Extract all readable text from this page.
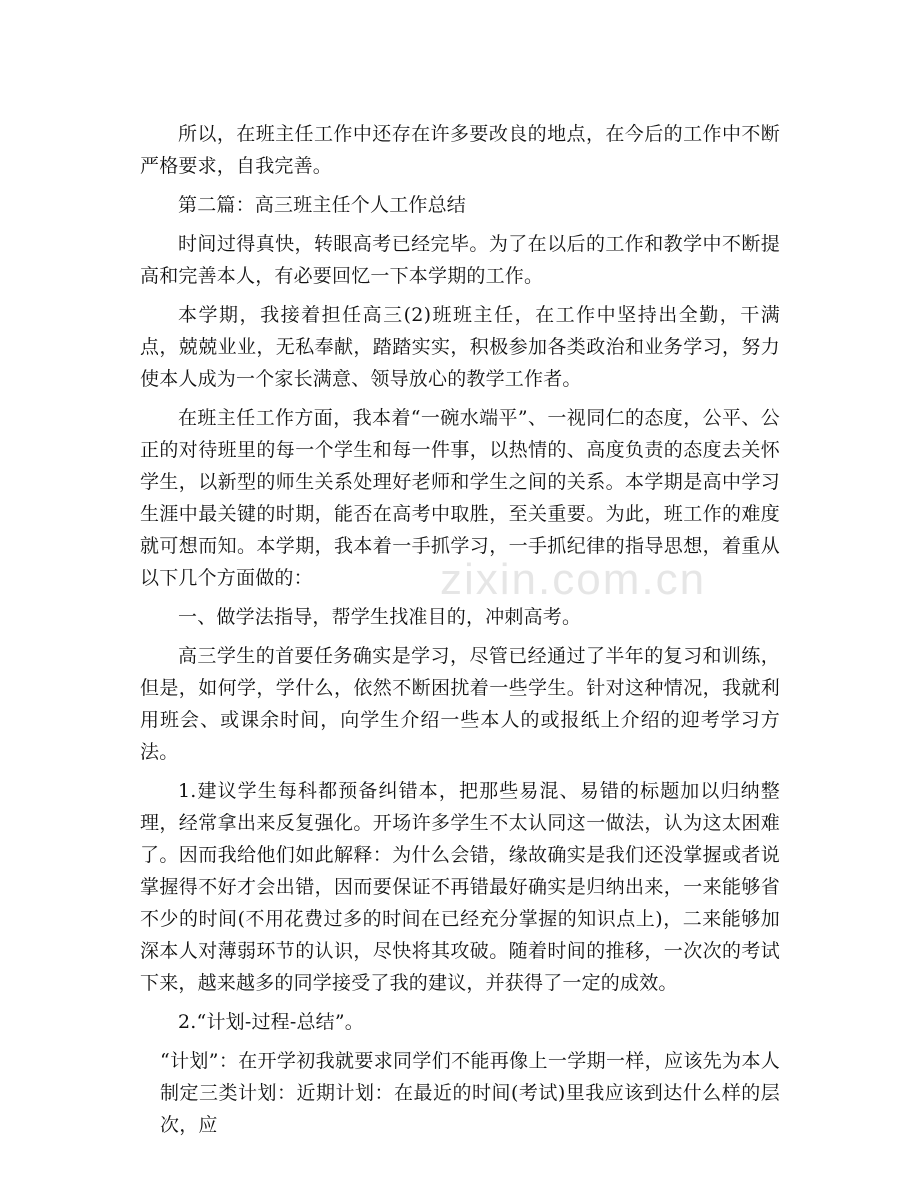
所以，在班主任工作中还存在许多要改良的地点，在今后的工作中不断严格要求，自我完善。

第二篇：高三班主任个人工作总结

时间过得真快，转眼高考已经完毕。为了在以后的工作和教学中不断提高和完善本人，有必要回忆一下本学期的工作。

本学期，我接着担任高三(2)班班主任，在工作中坚持出全勤，干满点，兢兢业业，无私奉献，踏踏实实，积极参加各类政治和业务学习，努力使本人成为一个家长满意、领导放心的教学工作者。

在班主任工作方面，我本着“一碗水端平”、一视同仁的态度，公平、公正的对待班里的每一个学生和每一件事，以热情的、高度负责的态度去关怀学生，以新型的师生关系处理好老师和学生之间的关系。本学期是高中学习生涯中最关键的时期，能否在高考中取胜，至关重要。为此，班工作的难度就可想而知。本学期，我本着一手抓学习，一手抓纪律的指导思想，着重从以下几个方面做的：

一、做学法指导，帮学生找准目的，冲刺高考。

高三学生的首要任务确实是学习，尽管已经通过了半年的复习和训练，但是，如何学，学什么，依然不断困扰着一些学生。针对这种情况，我就利用班会、或课余时间，向学生介绍一些本人的或报纸上介绍的迎考学习方法。

1.建议学生每科都预备纠错本，把那些易混、易错的标题加以归纳整理，经常拿出来反复强化。开场许多学生不太认同这一做法，认为这太困难了。因而我给他们如此解释：为什么会错，缘故确实是我们还没掌握或者说掌握得不好才会出错，因而要保证不再错最好确实是归纳出来，一来能够省不少的时间(不用花费过多的时间在已经充分掌握的知识点上)，二来能够加深本人对薄弱环节的认识，尽快将其攻破。随着时间的推移，一次次的考试下来，越来越多的同学接受了我的建议，并获得了一定的成效。

2.“计划-过程-总结”。

“计划”：在开学初我就要求同学们不能再像上一学期一样，应该先为本人制定三类计划：近期计划：在最近的时间(考试)里我应该到达什么样的层次，应

zixin.com.cn
